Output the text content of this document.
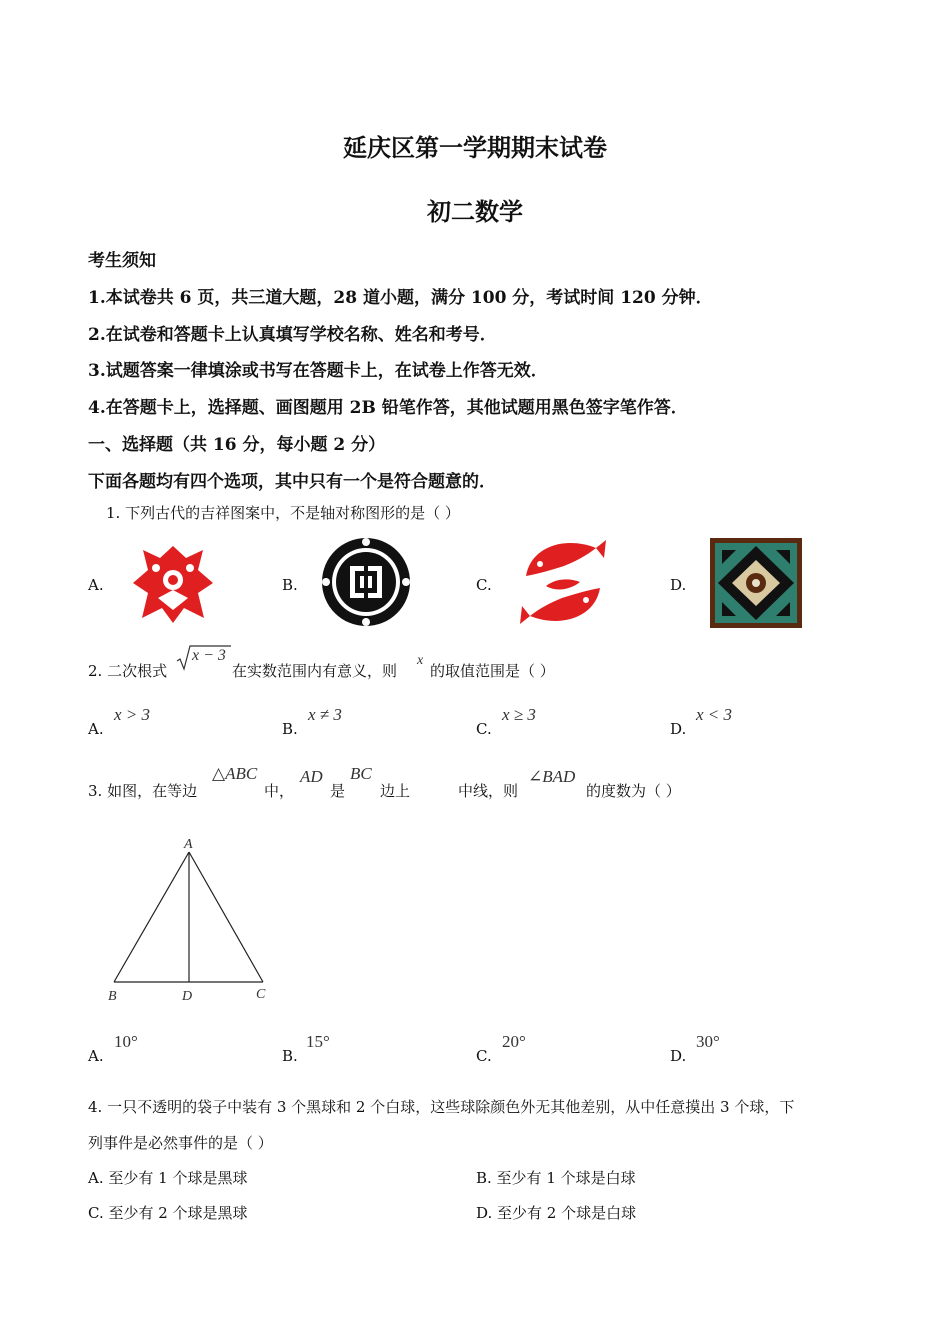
延庆区第一学期期末试卷
初二数学
考生须知
1.本试卷共 6 页，共三道大题，28 道小题，满分 100 分，考试时间 120 分钟．
2.在试卷和答题卡上认真填写学校名称、姓名和考号．
3.试题答案一律填涂或书写在答题卡上，在试卷上作答无效．
4.在答题卡上，选择题、画图题用 2B 铅笔作答，其他试题用黑色签字笔作答．
一、选择题（共 16 分，每小题 2 分）
下面各题均有四个选项，其中只有一个是符合题意的．
1. 下列古代的吉祥图案中，不是轴对称图形的是（ ）
A.	B.	C.	D.
2. 二次根式
x − 3
在实数范围内有意义，则
x
的取值范围是（ ）
A.
x > 3
B.
x ≠ 3
C.
x ≥ 3
D.
x < 3
3. 如图，在等边
△ABC
中，
AD
是
BC
边上	中线，则
∠BAD
的度数为（ ）
A
B	D	C
A.
10°
B.
15°
C.
20°
D.
30°
4. 一只不透明的袋子中装有 3 个黑球和 2 个白球，这些球除颜色外无其他差别，从中任意摸出 3 个球，下
列事件是必然事件的是（ ）
A. 至少有 1 个球是黑球	B. 至少有 1 个球是白球
C. 至少有 2 个球是黑球	D. 至少有 2 个球是白球
